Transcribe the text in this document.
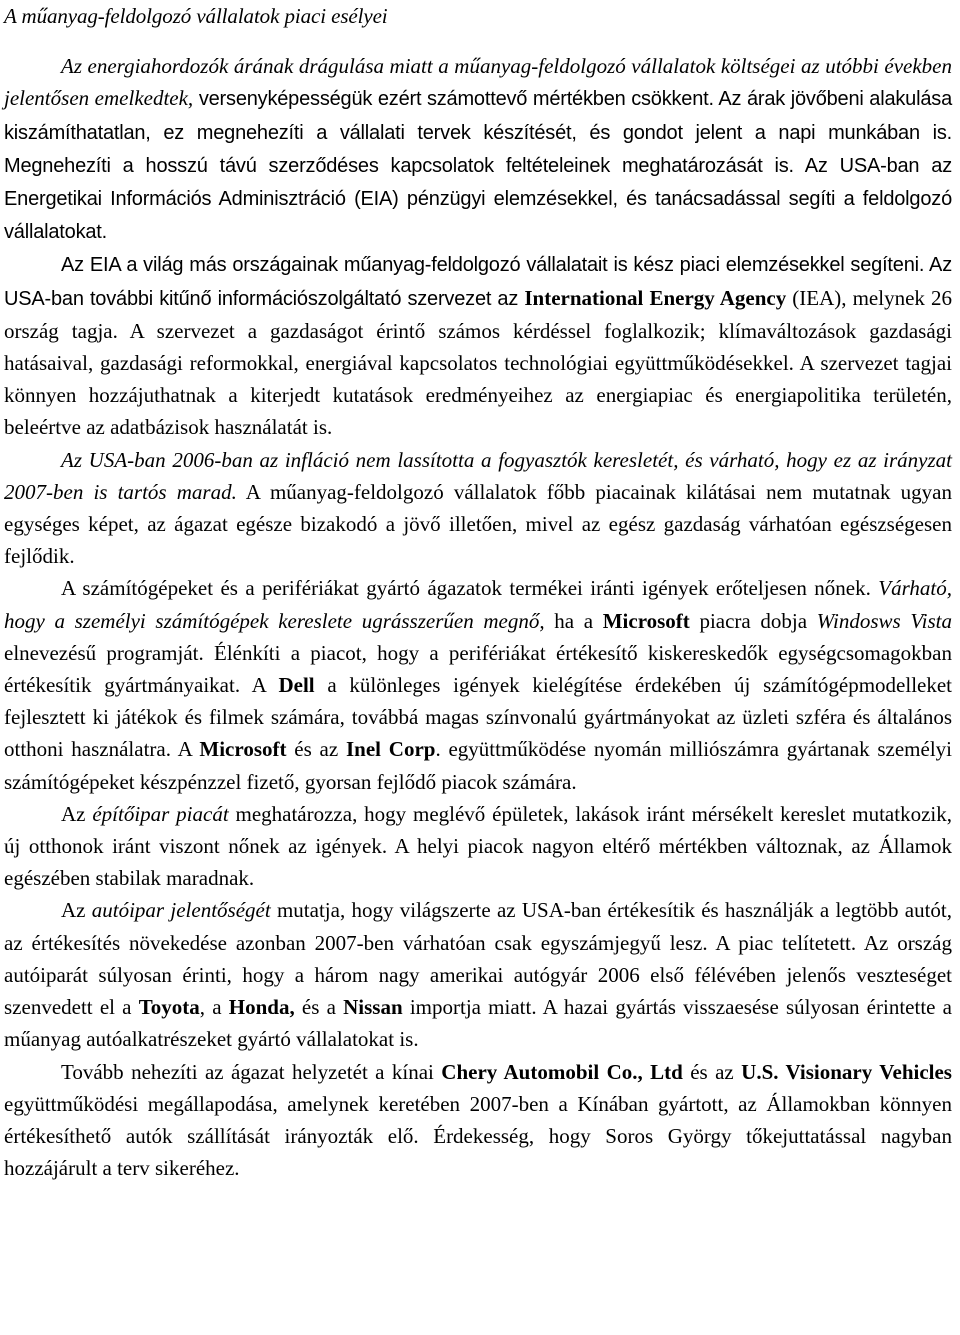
A műanyag-feldolgozó vállalatok piaci esélyei

Az energiahordozók árának drágulása miatt a műanyag-feldolgozó vállalatok költségei az utóbbi években jelentősen emelkedtek, versenyképességük ezért számottevő mértékben csökkent. Az árak jövőbeni alakulása kiszámíthatatlan, ez megnehezíti a vállalati tervek készítését, és gondot jelent a napi munkában is. Megnehezíti a hosszú távú szerződéses kapcsolatok feltételeinek meghatározását is. Az USA-ban az Energetikai Információs Adminisztráció (EIA) pénzügyi elemzésekkel, és tanácsadással segíti a feldolgozó vállalatokat.

Az EIA a világ más országainak műanyag-feldolgozó vállalatait is kész piaci elemzésekkel segíteni. Az USA-ban további kitűnő információszolgáltató szervezet az International Energy Agency (IEA), melynek 26 ország tagja. A szervezet a gazdaságot érintő számos kérdéssel foglalkozik; klímaváltozások gazdasági hatásaival, gazdasági reformokkal, energiával kapcsolatos technológiai együttműködésekkel. A szervezet tagjai könnyen hozzájuthatnak a kiterjedt kutatások eredményeihez az energiapiac és energiapolitika területén, beleértve az adatbázisok használatát is.

Az USA-ban 2006-ban az infláció nem lassította a fogyasztók keresletét, és várható, hogy ez az irányzat 2007-ben is tartós marad. A műanyag-feldolgozó vállalatok főbb piacainak kilátásai nem mutatnak ugyan egységes képet, az ágazat egésze bizakodó a jövő illetően, mivel az egész gazdaság várhatóan egészségesen fejlődik.

A számítógépeket és a perifériákat gyártó ágazatok termékei iránti igények erőteljesen nőnek. Várható, hogy a személyi számítógépek kereslete ugrásszerűen megnő, ha a Microsoft piacra dobja Windosws Vista elnevezésű programját. Élénkíti a piacot, hogy a perifériákat értékesítő kiskereskedők egységcsomagokban értékesítik gyártmányaikat. A Dell a különleges igények kielégítése érdekében új számítógépmodelleket fejlesztett ki játékok és filmek számára, továbbá magas színvonalú gyártmányokat az üzleti szféra és általános otthoni használatra. A Microsoft és az Inel Corp. együttműködése nyomán milliószámra gyártanak személyi számítógépeket készpénzzel fizető, gyorsan fejlődő piacok számára.

Az építőipar piacát meghatározza, hogy meglévő épületek, lakások iránt mérsékelt kereslet mutatkozik, új otthonok iránt viszont nőnek az igények. A helyi piacok nagyon eltérő mértékben változnak, az Államok egészében stabilak maradnak.

Az autóipar jelentőségét mutatja, hogy világszerte az USA-ban értékesítik és használják a legtöbb autót, az értékesítés növekedése azonban 2007-ben várhatóan csak egyszámjegyű lesz. A piac telítetett. Az ország autóiparát súlyosan érinti, hogy a három nagy amerikai autógyár 2006 első félévében jelenős veszteséget szenvedett el a Toyota, a Honda, és a Nissan importja miatt. A hazai gyártás visszaesése súlyosan érintette a műanyag autóalkatrészeket gyártó vállalatokat is.

Tovább nehezíti az ágazat helyzetét a kínai Chery Automobil Co., Ltd és az U.S. Visionary Vehicles együttműködési megállapodása, amelynek keretében 2007-ben a Kínában gyártott, az Államokban könnyen értékesíthető autók szállítását irányozták elő. Érdekesség, hogy Soros György tőkejuttatással nagyban hozzájárult a terv sikeréhez.
